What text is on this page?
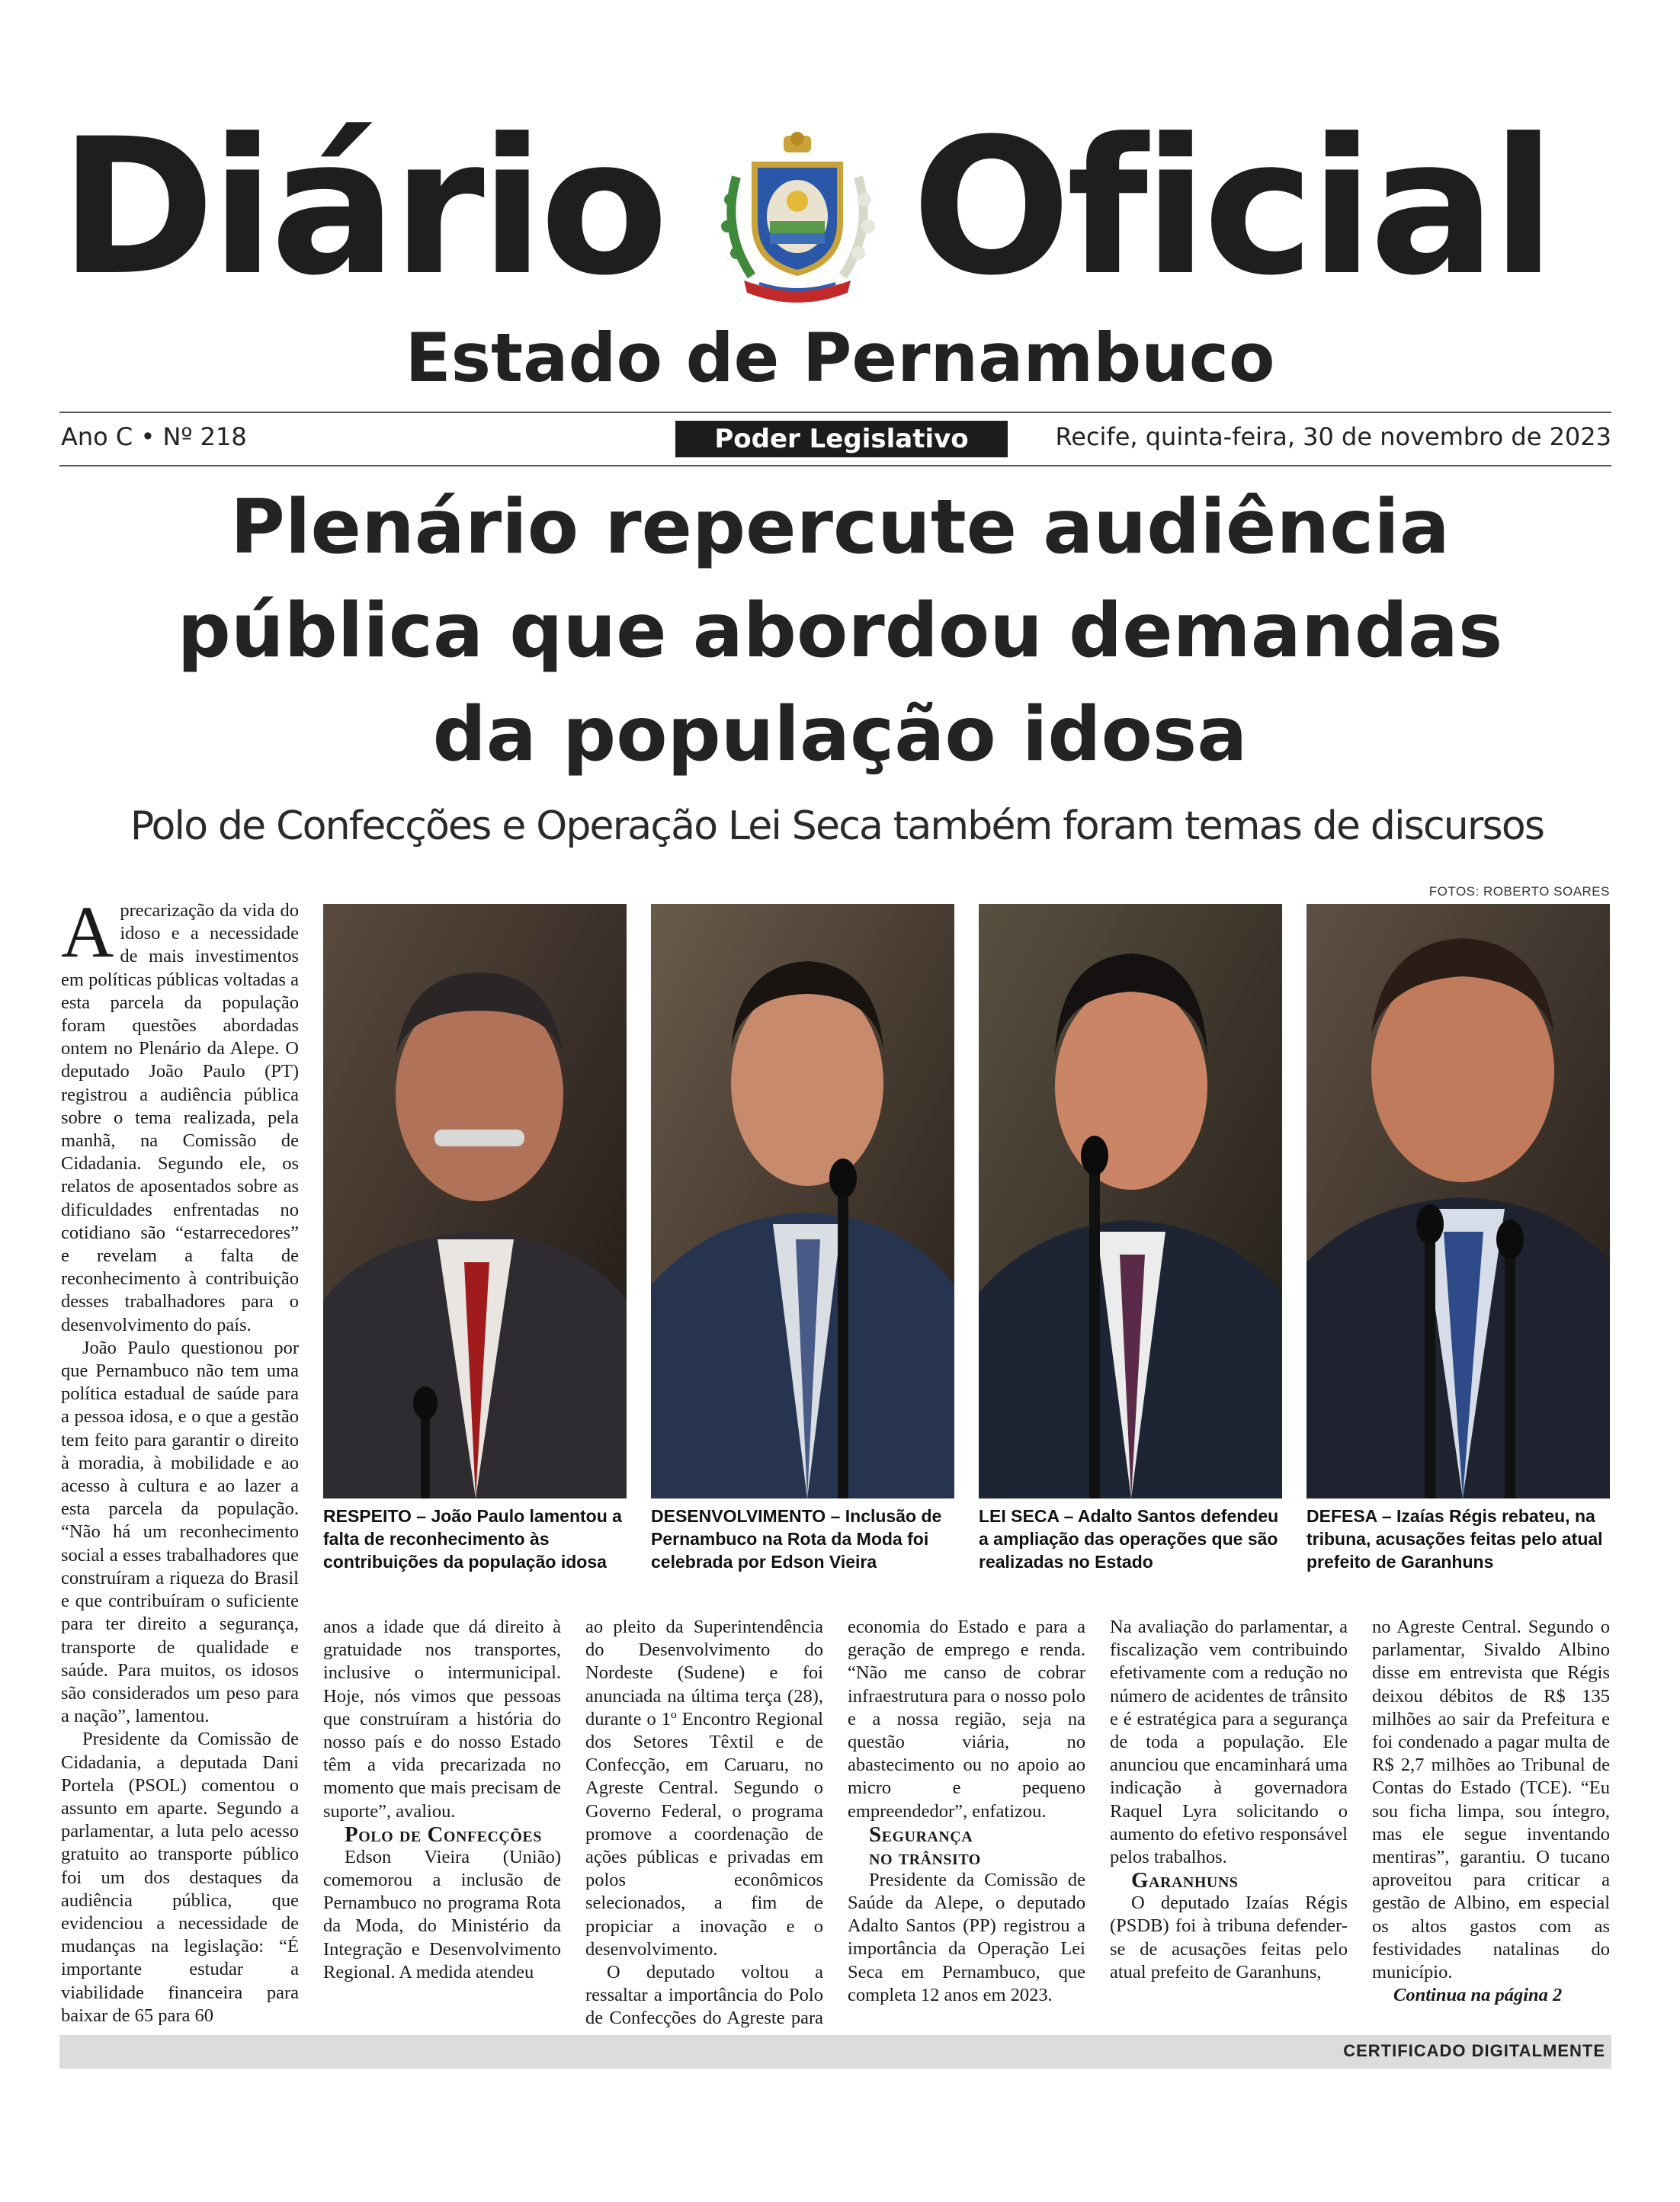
Diário Oficial
Estado de Pernambuco
Ano C • Nº 218	Poder Legislativo	Recife, quinta-feira, 30 de novembro de 2023
Plenário repercute audiência
pública que abordou demandas
da população idosa
Polo de Confecções e Operação Lei Seca também foram temas de discursos
FOTOS: ROBERTO SOARES
RESPEITO – João Paulo lamentou a falta de reconhecimento às contribuições da população idosa
DESENVOLVIMENTO – Inclusão de Pernambuco na Rota da Moda foi celebrada por Edson Vieira
LEI SECA – Adalto Santos defendeu a ampliação das operações que são realizadas no Estado
DEFESA – Izaías Régis rebateu, na tribuna, acusações feitas pelo atual prefeito de Garanhuns

Aprecarização da vida do idoso e a necessidade de mais investimentos em políticas públicas voltadas a esta parcela da população foram questões abordadas ontem no Plenário da Alepe. O deputado João Paulo (PT) registrou a audiência pública sobre o tema realizada, pela manhã, na Comissão de Cidadania. Segundo ele, os relatos de aposentados sobre as dificuldades enfrentadas no cotidiano são “estarrecedores” e revelam a falta de reconhecimento à contribuição desses trabalhadores para o desenvolvimento do país.

João Paulo questionou por que Pernambuco não tem uma política estadual de saúde para a pessoa idosa, e o que a gestão tem feito para garantir o direito à moradia, à mobilidade e ao acesso à cultura e ao lazer a esta parcela da população. “Não há um reconhecimento social a esses trabalhadores que construíram a riqueza do Brasil e que contribuíram o suficiente para ter direito a segurança, transporte de qualidade e saúde. Para muitos, os idosos são considerados um peso para a nação”, lamentou.

Presidente da Comissão de Cidadania, a deputada Dani Portela (PSOL) comentou o assunto em aparte. Segundo a parlamentar, a luta pelo acesso gratuito ao transporte público foi um dos destaques da audiência pública, que evidenciou a necessidade de mudanças na legislação: “É importante estudar a viabilidade financeira para baixar de 65 para 60

anos a idade que dá direito à gratuidade nos transportes, inclusive o intermunicipal. Hoje, nós vimos que pessoas que construíram a história do nosso país e do nosso Estado têm a vida precarizada no momento que mais precisam de suporte”, avaliou.

Polo de Confecções

Edson Vieira (União) comemorou a inclusão de Pernambuco no programa Rota da Moda, do Ministério da Integração e Desenvolvimento Regional. A medida atendeu

ao pleito da Superintendência do Desenvolvimento do Nordeste (Sudene) e foi anunciada na última terça (28), durante o 1º Encontro Regional dos Setores Têxtil e de Confecção, em Caruaru, no Agreste Central. Segundo o Governo Federal, o programa promove a coordenação de ações públicas e privadas em polos econômicos selecionados, a fim de propiciar a inovação e o desenvolvimento.

O deputado voltou a ressaltar a importância do Polo de Confecções do Agreste para

economia do Estado e para a geração de emprego e renda. “Não me canso de cobrar infraestrutura para o nosso polo e a nossa região, seja na questão viária, no abastecimento ou no apoio ao micro e pequeno empreendedor”, enfatizou.

Segurança

no trânsito

Presidente da Comissão de Saúde da Alepe, o deputado Adalto Santos (PP) registrou a importância da Operação Lei Seca em Pernambuco, que completa 12 anos em 2023.

Na avaliação do parlamentar, a fiscalização vem contribuindo efetivamente com a redução no número de acidentes de trânsito e é estratégica para a segurança de toda a população. Ele anunciou que encaminhará uma indicação à governadora Raquel Lyra solicitando o aumento do efetivo responsável pelos trabalhos.

Garanhuns

O deputado Izaías Régis (PSDB) foi à tribuna defender-se de acusações feitas pelo atual prefeito de Garanhuns,

no Agreste Central. Segundo o parlamentar, Sivaldo Albino disse em entrevista que Régis deixou débitos de R$ 135 milhões ao sair da Prefeitura e foi condenado a pagar multa de R$ 2,7 milhões ao Tribunal de Contas do Estado (TCE). “Eu sou ficha limpa, sou íntegro, mas ele segue inventando mentiras”, garantiu. O tucano aproveitou para criticar a gestão de Albino, em especial os altos gastos com as festividades natalinas do município.

Continua na página 2

CERTIFICADO DIGITALMENTE
